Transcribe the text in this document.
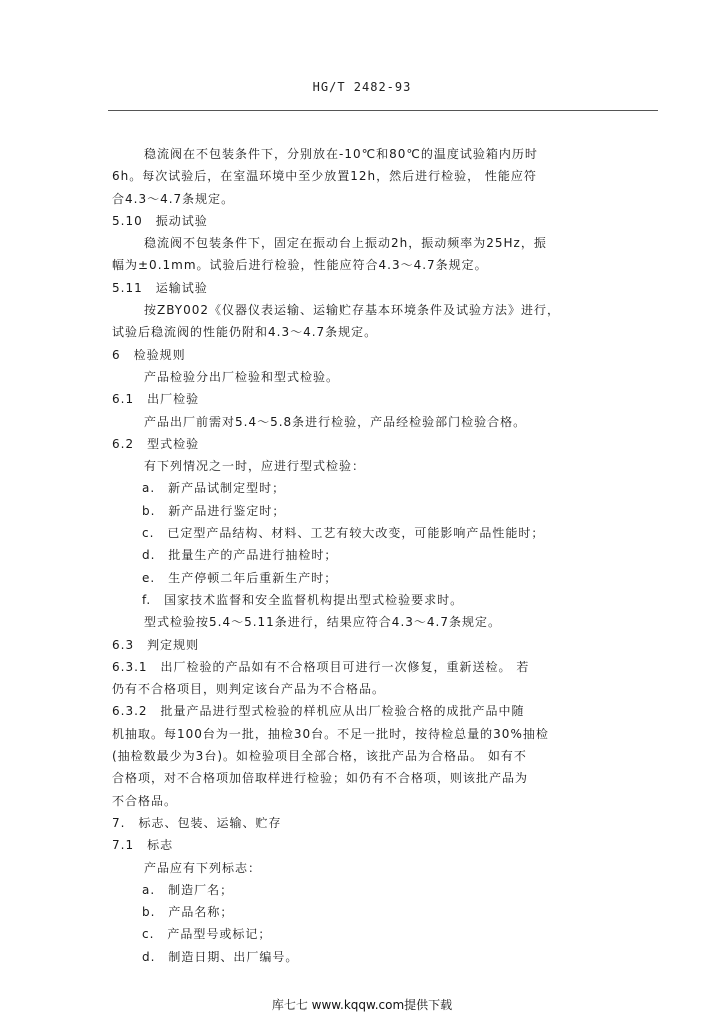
HG/T 2482-93
稳流阀在不包装条件下，分别放在-10℃和80℃的温度试验箱内历时
6h。每次试验后，在室温环境中至少放置12h，然后进行检验， 性能应符
合4.3～4.7条规定。
5.10　振动试验
稳流阀不包装条件下，固定在振动台上振动2h，振动频率为25Hz，振
幅为±0.1mm。试验后进行检验，性能应符合4.3～4.7条规定。
5.11　运输试验
按ZBY002《仪器仪表运输、运输贮存基本环境条件及试验方法》进行，
试验后稳流阀的性能仍附和4.3～4.7条规定。
6　检验规则
产品检验分出厂检验和型式检验。
6.1　出厂检验
产品出厂前需对5.4～5.8条进行检验，产品经检验部门检验合格。
6.2　型式检验
有下列情况之一时，应进行型式检验：
a.　新产品试制定型时；
b.　新产品进行鉴定时；
c.　已定型产品结构、材料、工艺有较大改变，可能影响产品性能时；
d.　批量生产的产品进行抽检时；
e.　生产停顿二年后重新生产时；
f.　国家技术监督和安全监督机构提出型式检验要求时。
型式检验按5.4～5.11条进行，结果应符合4.3～4.7条规定。
6.3　判定规则
6.3.1　出厂检验的产品如有不合格项目可进行一次修复，重新送检。 若
仍有不合格项目，则判定该台产品为不合格品。
6.3.2　批量产品进行型式检验的样机应从出厂检验合格的成批产品中随
机抽取。每100台为一批，抽检30台。不足一批时，按待检总量的30%抽检
(抽检数最少为3台)。如检验项目全部合格，该批产品为合格品。 如有不
合格项，对不合格项加倍取样进行检验；如仍有不合格项，则该批产品为
不合格品。
7.　标志、包装、运输、贮存
7.1　标志
产品应有下列标志：
a.　制造厂名；
b.　产品名称；
c.　产品型号或标记；
d.　制造日期、出厂编号。
库七七 www.kqqw.com提供下载
